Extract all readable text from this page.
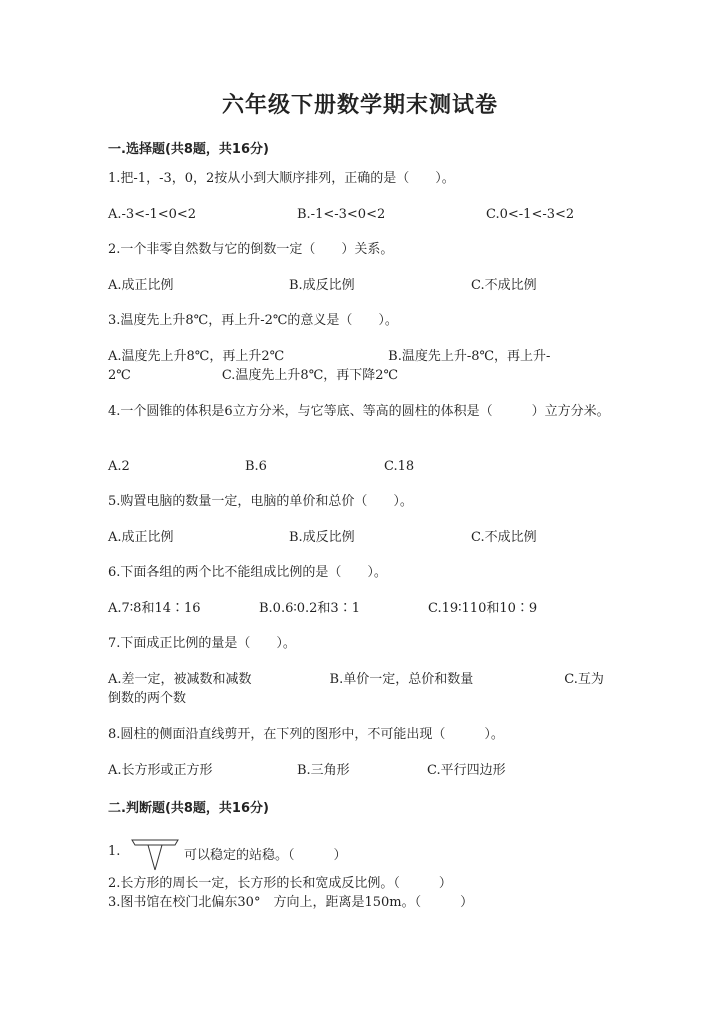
六年级下册数学期末测试卷
一.选择题(共8题，共16分)
1.把-1，-3，0，2按从小到大顺序排列，正确的是（　　）。
A.-3<-1<0<2	B.-1<-3<0<2	C.0<-1<-3<2
2.一个非零自然数与它的倒数一定（　　）关系。
A.成正比例	B.成反比例	C.不成比例
3.温度先上升8℃，再上升-2℃的意义是（　　）。
A.温度先上升8℃，再上升2℃　　　　　　　　B.温度先上升-8℃，再上升-
2℃　　　　　　　C.温度先上升8℃，再下降2℃
4.一个圆锥的体积是6立方分米，与它等底、等高的圆柱的体积是（　　　）立方分米。
A.2	B.6	C.18
5.购置电脑的数量一定，电脑的单价和总价（　　）。
A.成正比例	B.成反比例	C.不成比例
6.下面各组的两个比不能组成比例的是（　　）。
A.7∶8和14∶16	B.0.6∶0.2和3∶1	C.19∶110和10∶9
7.下面成正比例的量是（　　）。
A.差一定，被减数和减数　　　　　　B.单价一定，总价和数量　　　　　　　C.互为
倒数的两个数
8.圆柱的侧面沿直线剪开，在下列的图形中，不可能出现（　　　）。
A.长方形或正方形	B.三角形	C.平行四边形
二.判断题(共8题，共16分)
1.	可以稳定的站稳。（　　　）
2.长方形的周长一定，长方形的长和宽成反比例。（　　　）
3.图书馆在校门北偏东30°　方向上，距离是150m。（　　　）
